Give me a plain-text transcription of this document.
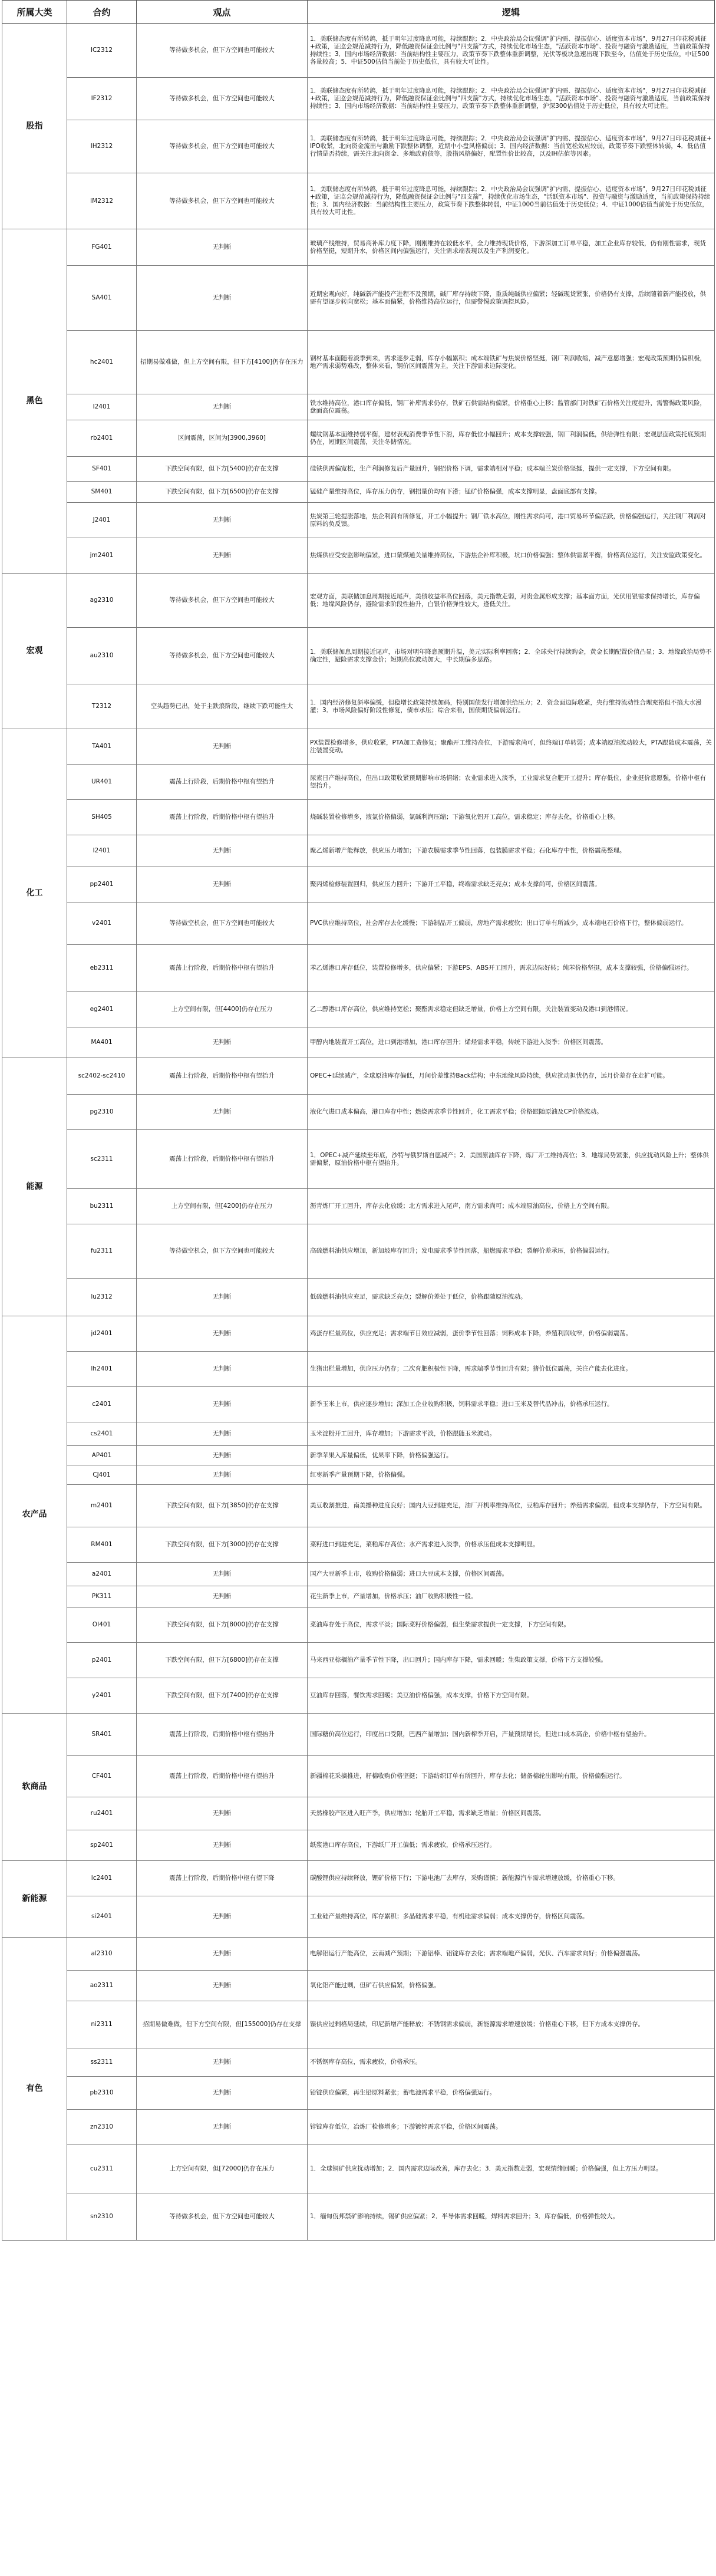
所属大类	合约	观点	逻辑
股指	IC2312	等待做多机会，但下方空间也可能较大	1．美联储态度有所转鸽，抵于明年过度降息可能，持续跟踪；2．中央政治局会议强调"扩内需、提振信心、适度资本市场"，9月27日印花税减征+政策，证监会规范减持行为，降低融资保证金比例与"四支箭"方式，持续优化市场生态，"活跃资本市场"、投资与融资与激励适度，当前政策保持持续性；3．国内市场经济数据：当前结构性主要压力，政策节奏下跌整体重新调整，光伏等板块急速出现下跌至今，估值处于历史低位，中证500各量较高；5．中证500估值当前处于历史低位，具有较大可比性。
	IF2312	等待做多机会，但下方空间也可能较大	1．美联储态度有所转鸽，抵于明年过度降息可能，持续跟踪；2．中央政治局会议强调"扩内需、提振信心、适度资本市场"，9月27日印花税减征+政策，证监会规范减持行为，降低融资保证金比例与"四支箭"方式，持续优化市场生态，"活跃资本市场"、投资与融资与激励适度，当前政策保持持续性；3．国内市场经济数据：当前结构性主要压力，政策节奏下跌整体重新调整，沪深300估值处于历史低位，具有较大可比性。
	IH2312	等待做多机会，但下方空间也可能较大	1．美联储态度有所转鸽，抵于明年过度降息可能，持续跟踪；2．中央政治局会议强调"扩内需、提振信心、适度资本市场"，9月27日印花税减征+IPO收紧，北向资金流出与激励下跌整体调整，近期中小盘风格偏弱；3．国内经济数据：当前宽松效应较弱，政策节奏下跌整体转弱，4．低估值行情是否持续，需关注北向资金、多地政府债等，股指风格偏好，配置性价比较高，以及IH估值等因素。
	IM2312	等待做多机会，但下方空间也可能较大	1．美联储态度有所转鸽，抵于明年过度降息可能，持续跟踪；2．中央政治局会议强调"扩内需、提振信心、适度资本市场"，9月27日印花税减征+政策，证监会规范减持行为，降低融资保证金比例与"四支箭"，持续优化市场生态，"活跃资本市场"、投资与融资与激励适度，当前政策保持持续性；3．国内经济数据：当前结构性主要压力，政策节奏下跌整体转弱，中证1000当前估值处于历史低位；4．中证1000估值当前处于历史低位，具有较大可比性。
黑色	FG401	无判断	玻璃产线维持，贸易商补库力度下降，刚刚维持在较低水平，全力维持现货价格，下游深加工订单平稳，加工企业库存较低，仍有刚性需求，现货价格坚挺，短期升水，价格区间内偏强运行，关注需求端表现以及生产利润变化。
	SA401	无判断	近期宏观向好，纯碱新产能投产进程不及预期，碱厂库存持续下降，重质纯碱供应偏紧；轻碱现货紧张，价格仍有支撑，后续随着新产能投放，供需有望逐步转向宽松；基本面偏紧，价格维持高位运行，但需警惕政策调控风险。
	hc2401	招期易做难做，但上方空间有限，但下方[4100]仍存在压力	钢材基本面随着淡季到来，需求逐步走弱，库存小幅累积；成本端铁矿与焦炭价格坚挺，钢厂利润收缩，减产意愿增强；宏观政策预期仍偏积极，地产需求弱势难改，整体来看，钢价区间震荡为主，关注下游需求边际变化。
	I2401	无判断	铁水维持高位，港口库存偏低，钢厂补库需求仍存，铁矿石供需结构偏紧，价格重心上移；监管部门对铁矿石价格关注度提升，需警惕政策风险，盘面高位震荡。
	rb2401	区间震荡，区间为[3900,3960]	螺纹钢基本面维持弱平衡，建材表观消费季节性下滑，库存低位小幅回升；成本支撑较强，钢厂利润偏低，供给弹性有限；宏观层面政策托底预期仍在，短期区间震荡，关注冬储情况。
	SF401	下跌空间有限，但下方[5400]仍存在支撑	硅铁供需偏宽松，生产利润修复后产量回升，钢招价格下调，需求端相对平稳；成本端兰炭价格坚挺，提供一定支撑，下方空间有限。
	SM401	下跌空间有限，但下方[6500]仍存在支撑	锰硅产量维持高位，库存压力仍存，钢招量价均有下滑；锰矿价格偏强，成本支撑明显，盘面底部有支撑。
	J2401	无判断	焦炭第三轮提涨落地，焦企利润有所修复，开工小幅提升；钢厂铁水高位，刚性需求尚可，港口贸易环节偏活跃，价格偏强运行，关注钢厂利润对原料的负反馈。
	jm2401	无判断	焦煤供应受安监影响偏紧，进口蒙煤通关量维持高位，下游焦企补库积极，坑口价格偏强；整体供需紧平衡，价格高位运行，关注安监政策变化。
宏观	ag2310	等待做多机会，但下方空间也可能较大	宏观方面，美联储加息周期接近尾声，美债收益率高位回落，美元指数走弱，对贵金属形成支撑；基本面方面，光伏用银需求保持增长，库存偏低；地缘风险仍存，避险需求阶段性抬升，白银价格弹性较大，逢低关注。
	au2310	等待做多机会，但下方空间也可能较大	1．美联储加息周期接近尾声，市场对明年降息预期升温，美元实际利率回落；2．全球央行持续购金，黄金长期配置价值凸显；3．地缘政治局势不确定性，避险需求支撑金价；短期高位波动加大，中长期偏多思路。
	T2312	空头趋势已出，处于主跌浪阶段，继续下跌可能性大	1．国内经济修复斜率偏缓，但稳增长政策持续加码，特别国债发行增加供给压力；2．资金面边际收紧，央行维持流动性合理充裕但不搞大水漫灌；3．市场风险偏好阶段性修复，债市承压；综合来看，国债期货偏弱运行。
化工	TA401	无判断	PX装置检修增多，供应收紧，PTA加工费修复；聚酯开工维持高位，下游需求尚可，但终端订单转弱；成本端原油波动较大，PTA跟随成本震荡，关注装置变动。
	UR401	震荡上行阶段，后期价格中枢有望抬升	尿素日产维持高位，但出口政策收紧预期影响市场情绪；农业需求进入淡季，工业需求复合肥开工提升；库存低位，企业挺价意愿强，价格中枢有望抬升。
	SH405	震荡上行阶段，后期价格中枢有望抬升	烧碱装置检修增多，液氯价格偏弱，氯碱利润压缩；下游氧化铝开工高位，需求稳定；库存去化，价格重心上移。
	l2401	无判断	聚乙烯新增产能释放，供应压力增加；下游农膜需求季节性回落，包装膜需求平稳；石化库存中性，价格震荡整理。
	pp2401	无判断	聚丙烯检修装置回归，供应压力回升；下游开工平稳，终端需求缺乏亮点；成本支撑尚可，价格区间震荡。
	v2401	等待做空机会，但下方空间也可能较大	PVC供应维持高位，社会库存去化缓慢；下游制品开工偏弱，房地产需求疲软；出口订单有所减少，成本端电石价格下行，整体偏弱运行。
	eb2311	震荡上行阶段，后期价格中枢有望抬升	苯乙烯港口库存低位，装置检修增多，供应偏紧；下游EPS、ABS开工回升，需求边际好转；纯苯价格坚挺，成本支撑较强，价格偏强运行。
	eg2401	上方空间有限，但[4400]仍存在压力	乙二醇港口库存高位，供应维持宽松；聚酯需求稳定但缺乏增量，价格上方空间有限，关注装置变动及港口到港情况。
	MA401	无判断	甲醇内地装置开工高位，进口到港增加，港口库存回升；烯烃需求平稳，传统下游进入淡季；价格区间震荡。
能源	sc2402-sc2410	震荡上行阶段，后期价格中枢有望抬升	OPEC+延续减产，全球原油库存偏低，月间价差维持Back结构；中东地缘风险持续，供应扰动担忧仍存，远月价差存在走扩可能。
	pg2310	无判断	液化气进口成本偏高，港口库存中性；燃烧需求季节性回升，化工需求平稳；价格跟随原油及CP价格波动。
	sc2311	震荡上行阶段，后期价格中枢有望抬升	1．OPEC+减产延续至年底，沙特与俄罗斯自愿减产；2．美国原油库存下降，炼厂开工维持高位；3．地缘局势紧张，供应扰动风险上升；整体供需偏紧，原油价格中枢有望抬升。
	bu2311	上方空间有限，但[4200]仍存在压力	沥青炼厂开工回升，库存去化放缓；北方需求进入尾声，南方需求尚可；成本端原油高位，价格上方空间有限。
	fu2311	等待做空机会，但下方空间也可能较大	高硫燃料油供应增加，新加坡库存回升；发电需求季节性回落，船燃需求平稳；裂解价差承压，价格偏弱运行。
	lu2312	无判断	低硫燃料油供应充足，需求缺乏亮点；裂解价差处于低位，价格跟随原油波动。
农产品	jd2401	无判断	鸡蛋存栏量高位，供应充足；需求端节日效应减弱，蛋价季节性回落；饲料成本下降，养殖利润收窄，价格偏弱震荡。
	lh2401	无判断	生猪出栏量增加，供应压力仍存；二次育肥积极性下降，需求端季节性回升有限；猪价低位震荡，关注产能去化进度。
	c2401	无判断	新季玉米上市，供应逐步增加；深加工企业收购积极，饲料需求平稳；进口玉米及替代品冲击，价格承压运行。
	cs2401	无判断	玉米淀粉开工回升，库存增加；下游需求平淡，价格跟随玉米波动。
	AP401	无判断	新季苹果入库量偏低，优果率下降，价格偏强运行。
	CJ401	无判断	红枣新季产量预期下降，价格偏强。
	m2401	下跌空间有限，但下方[3850]仍存在支撑	美豆收割推进，南美播种进度良好；国内大豆到港充足，油厂开机率维持高位，豆粕库存回升；养殖需求偏弱，但成本支撑仍存，下方空间有限。
	RM401	下跌空间有限，但下方[3000]仍存在支撑	菜籽进口到港充足，菜粕库存高位；水产需求进入淡季，价格承压但成本支撑明显。
	a2401	无判断	国产大豆新季上市，收购价格偏弱；进口大豆成本支撑，价格区间震荡。
	PK311	无判断	花生新季上市，产量增加，价格承压；油厂收购积极性一般。
	OI401	下跌空间有限，但下方[8000]仍存在支撑	菜油库存处于高位，需求平淡；国际菜籽价格偏弱，但生柴需求提供一定支撑，下方空间有限。
	p2401	下跌空间有限，但下方[6800]仍存在支撑	马来西亚棕榈油产量季节性下降，出口回升；国内库存下降，需求回暖；生柴政策支撑，价格下方支撑较强。
	y2401	下跌空间有限，但下方[7400]仍存在支撑	豆油库存回落，餐饮需求回暖；美豆油价格偏强，成本支撑，价格下方空间有限。
软商品	SR401	震荡上行阶段，后期价格中枢有望抬升	国际糖价高位运行，印度出口受限，巴西产量增加；国内新榨季开启，产量预期增长，但进口成本高企，价格中枢有望抬升。
	CF401	震荡上行阶段，后期价格中枢有望抬升	新疆棉花采摘推进，籽棉收购价格坚挺；下游纺织订单有所回升，库存去化；储备棉轮出影响有限，价格偏强运行。
	ru2401	无判断	天然橡胶产区进入旺产季，供应增加；轮胎开工平稳，需求缺乏增量；价格区间震荡。
	sp2401	无判断	纸浆港口库存高位，下游纸厂开工偏低；需求疲软，价格承压运行。
新能源	lc2401	震荡上行阶段，后期价格中枢有望下降	碳酸锂供应持续释放，锂矿价格下行；下游电池厂去库存，采购谨慎；新能源汽车需求增速放缓，价格重心下移。
	si2401	无判断	工业硅产量维持高位，库存累积；多晶硅需求平稳，有机硅需求偏弱；成本支撑仍存，价格区间震荡。
有色	al2310	无判断	电解铝运行产能高位，云南减产预期；下游铝棒、铝锭库存去化；需求端地产偏弱，光伏、汽车需求向好；价格偏强震荡。
	ao2311	无判断	氧化铝产能过剩，但矿石供应偏紧，价格偏强。
	ni2311	招期易做难做，但下方空间有限，但[155000]仍存在支撑	镍供应过剩格局延续，印尼新增产能释放；不锈钢需求偏弱，新能源需求增速放缓；价格重心下移，但下方成本支撑仍存。
	ss2311	无判断	不锈钢库存高位，需求疲软，价格承压。
	pb2310	无判断	铅锭供应偏紧，再生铅原料紧张；蓄电池需求平稳，价格偏强运行。
	zn2310	无判断	锌锭库存低位，冶炼厂检修增多；下游镀锌需求平稳，价格区间震荡。
	cu2311	上方空间有限，但[72000]仍存在压力	1．全球铜矿供应扰动增加；2．国内需求边际改善，库存去化；3．美元指数走弱，宏观情绪回暖；价格偏强，但上方压力明显。
	sn2310	等待做多机会，但下方空间也可能较大	1．缅甸佤邦禁矿影响持续，锡矿供应偏紧；2．半导体需求回暖，焊料需求回升；3．库存偏低，价格弹性较大。
